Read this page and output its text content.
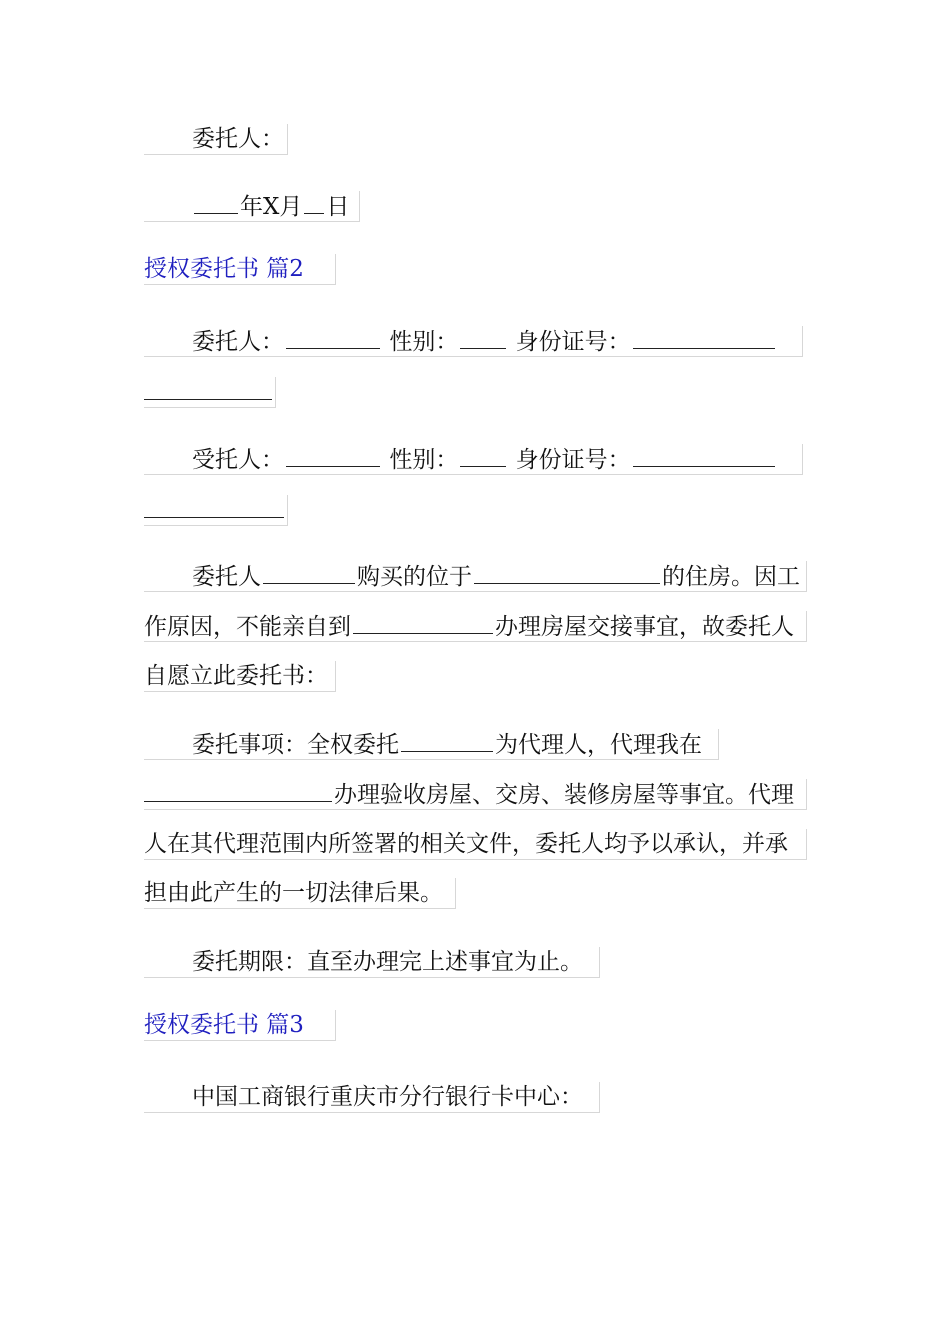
委托人：
年X月 日
授权委托书 篇2
委托人：	性别： 身份证号：
受托人：	性别： 身份证号：
委托人	购买的位于	的住房。因工
作原因，不能亲自到	办理房屋交接事宜，故委托人
自愿立此委托书：
委托事项：全权委托	为代理人，代理我在
办理验收房屋、交房、装修房屋等事宜。代理
人在其代理范围内所签署的相关文件，委托人均予以承认，并承
担由此产生的一切法律后果。
委托期限：直至办理完上述事宜为止。
授权委托书 篇3
中国工商银行重庆市分行银行卡中心：
